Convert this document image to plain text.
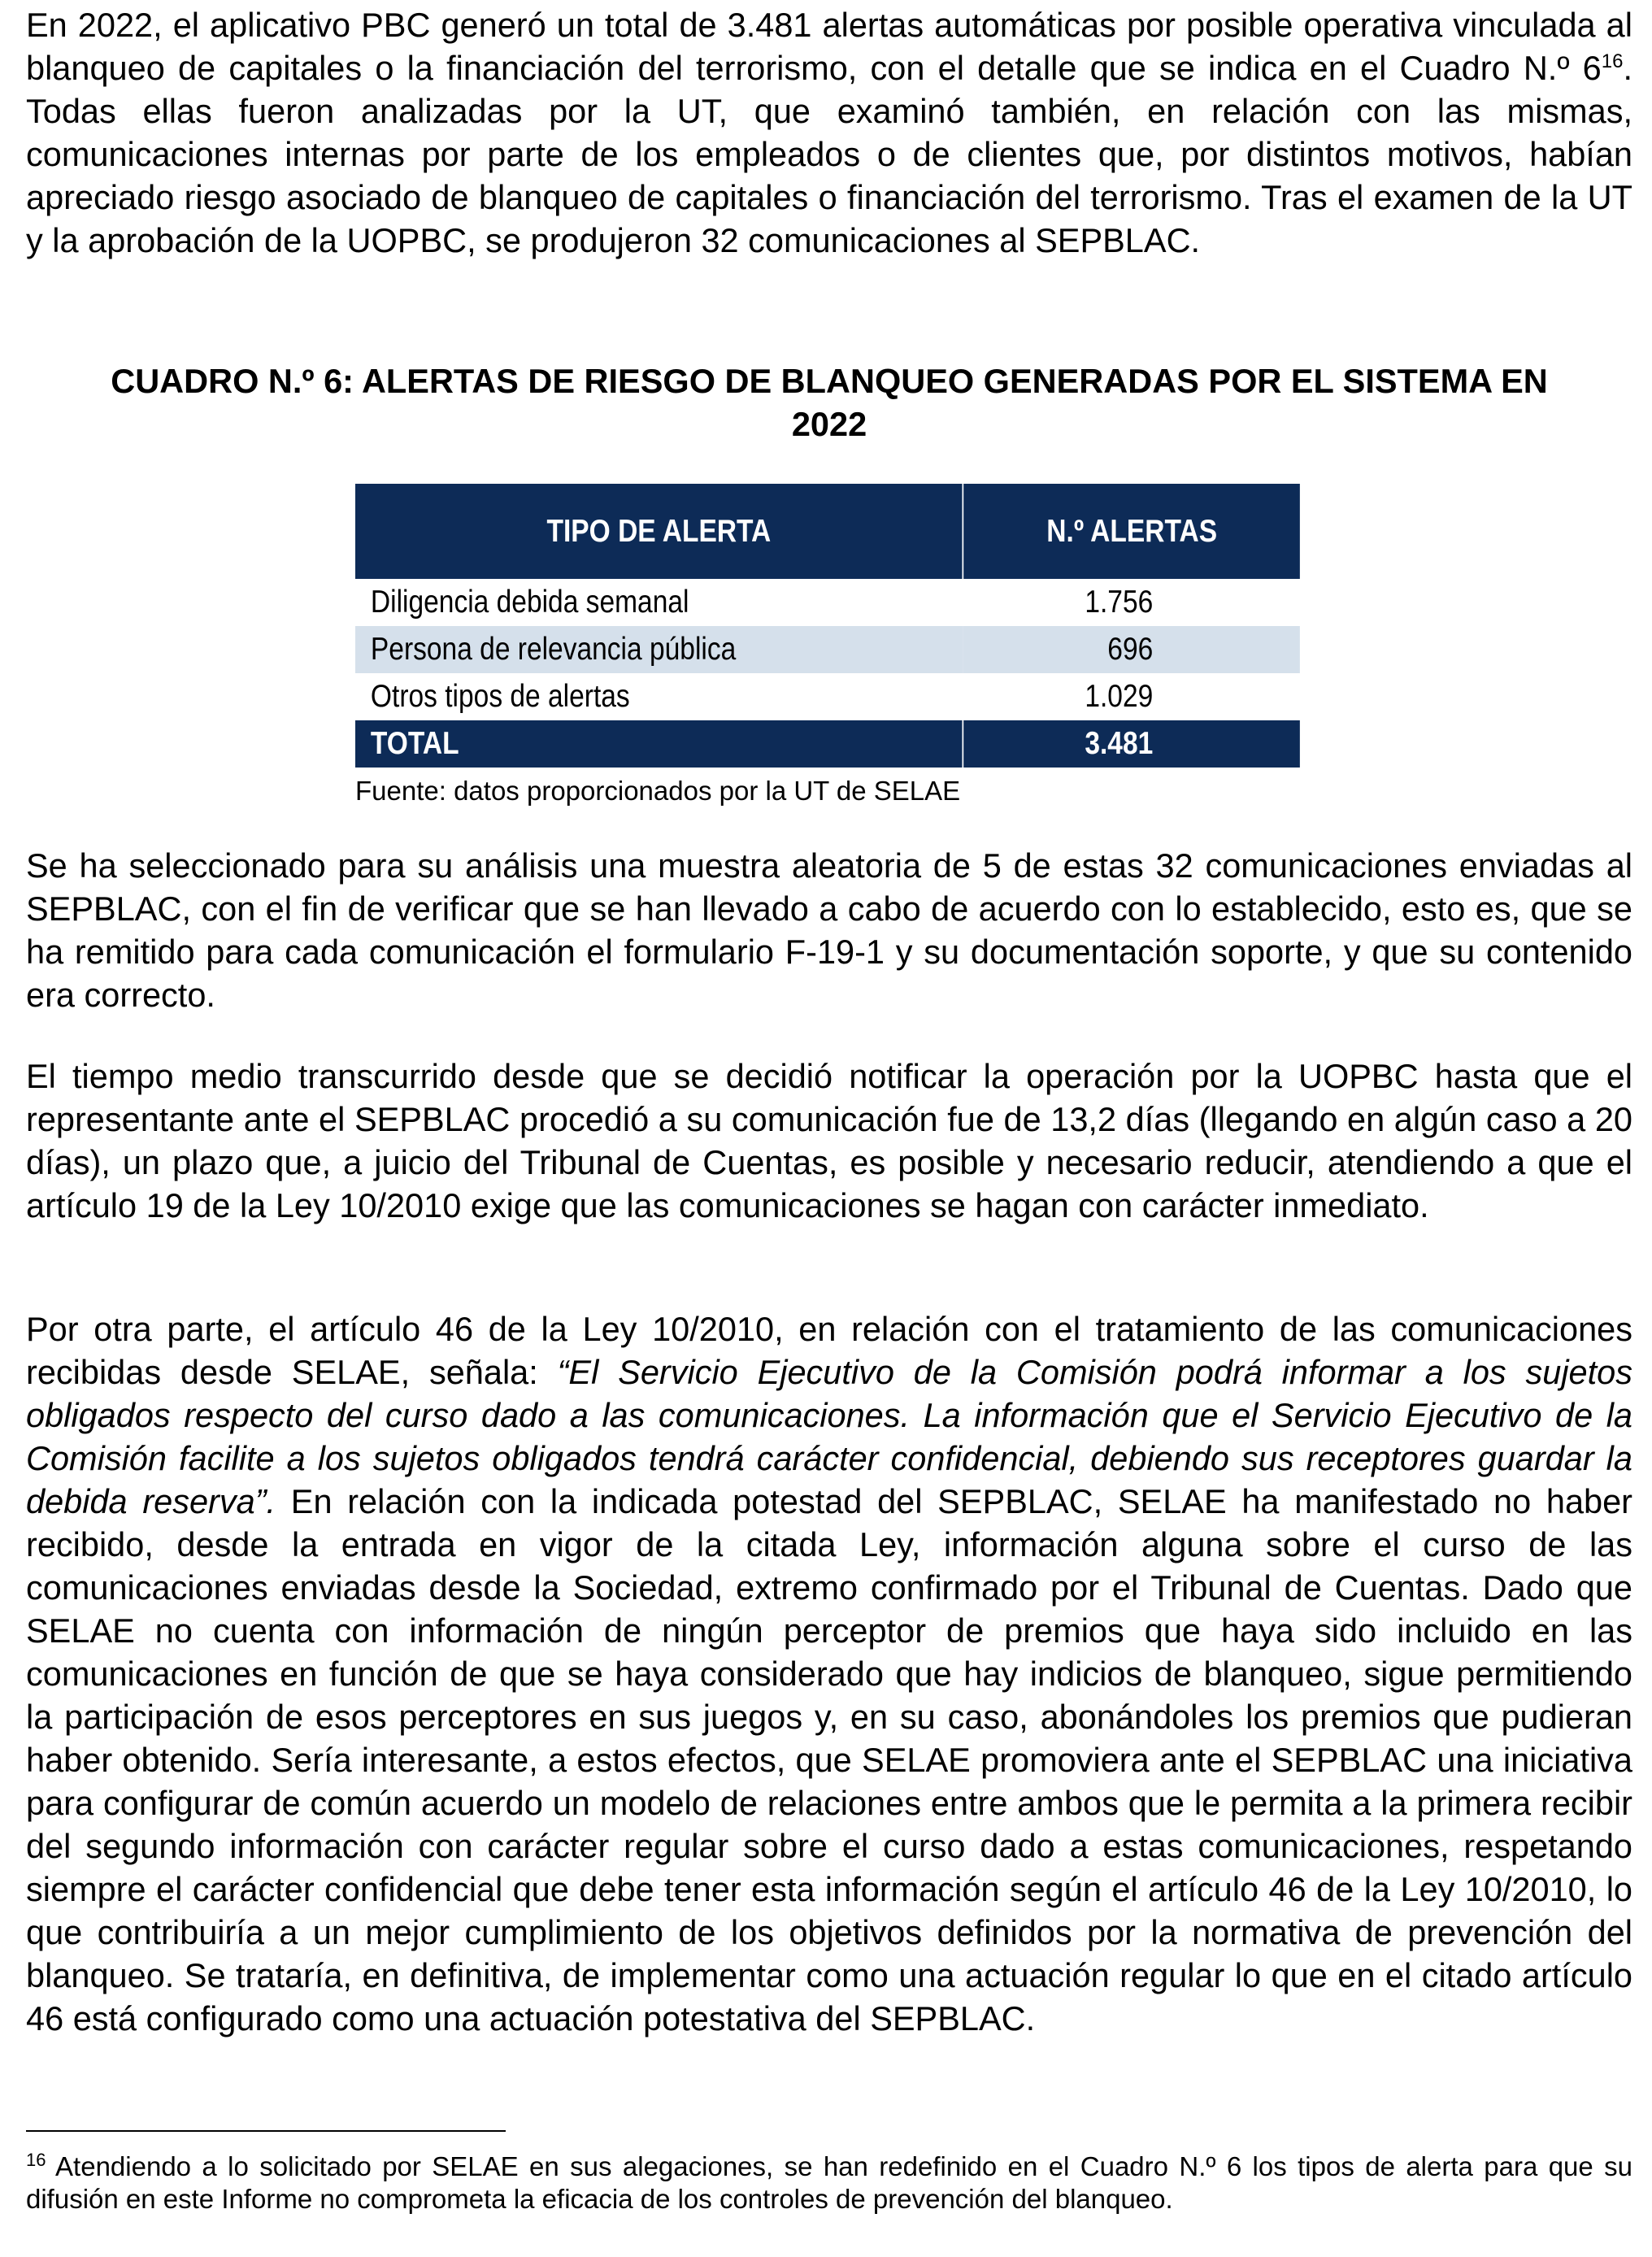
En 2022, el aplicativo PBC generó un total de 3.481 alertas automáticas por posible operativa vinculada al blanqueo de capitales o la financiación del terrorismo, con el detalle que se indica en el Cuadro N.º $6^{16}$. Todas ellas fueron analizadas por la UT, que examinó también, en relación con las mismas, comunicaciones internas por parte de los empleados o de clientes que, por distintos motivos, habían apreciado riesgo asociado de blanqueo de capitales o financiación del terrorismo. Tras el examen de la UT y la aprobación de la UOPBC, se produjeron 32 comunicaciones al SEPBLAC.

CUADRO N.º 6: ALERTAS DE RIESGO DE BLANQUEO GENERADAS POR EL SISTEMA EN
2022

TIPO DE ALERTA	N.º ALERTAS
Diligencia debida semanal	1.756
Persona de relevancia pública	696
Otros tipos de alertas	1.029
TOTAL	3.481

Fuente: datos proporcionados por la UT de SELAE

Se ha seleccionado para su análisis una muestra aleatoria de 5 de estas 32 comunicaciones enviadas al SEPBLAC, con el fin de verificar que se han llevado a cabo de acuerdo con lo establecido, esto es, que se ha remitido para cada comunicación el formulario F-19-1 y su documentación soporte, y que su contenido era correcto.

El tiempo medio transcurrido desde que se decidió notificar la operación por la UOPBC hasta que el representante ante el SEPBLAC procedió a su comunicación fue de 13,2 días (llegando en algún caso a 20 días), un plazo que, a juicio del Tribunal de Cuentas, es posible y necesario reducir, atendiendo a que el artículo 19 de la Ley 10/2010 exige que las comunicaciones se hagan con carácter inmediato.

Por otra parte, el artículo 46 de la Ley 10/2010, en relación con el tratamiento de las comunicaciones recibidas desde SELAE, señala: “El Servicio Ejecutivo de la Comisión podrá informar a los sujetos obligados respecto del curso dado a las comunicaciones. La información que el Servicio Ejecutivo de la Comisión facilite a los sujetos obligados tendrá carácter confidencial, debiendo sus receptores guardar la debida reserva”. En relación con la indicada potestad del SEPBLAC, SELAE ha manifestado no haber recibido, desde la entrada en vigor de la citada Ley, información alguna sobre el curso de las comunicaciones enviadas desde la Sociedad, extremo confirmado por el Tribunal de Cuentas. Dado que SELAE no cuenta con información de ningún perceptor de premios que haya sido incluido en las comunicaciones en función de que se haya considerado que hay indicios de blanqueo, sigue permitiendo la participación de esos perceptores en sus juegos y, en su caso, abonándoles los premios que pudieran haber obtenido. Sería interesante, a estos efectos, que SELAE promoviera ante el SEPBLAC una iniciativa para configurar de común acuerdo un modelo de relaciones entre ambos que le permita a la primera recibir del segundo información con carácter regular sobre el curso dado a estas comunicaciones, respetando siempre el carácter confidencial que debe tener esta información según el artículo 46 de la Ley 10/2010, lo que contribuiría a un mejor cumplimiento de los objetivos definidos por la normativa de prevención del blanqueo. Se trataría, en definitiva, de implementar como una actuación regular lo que en el citado artículo 46 está configurado como una actuación potestativa del SEPBLAC.

$^{16}$ Atendiendo a lo solicitado por SELAE en sus alegaciones, se han redefinido en el Cuadro N.º 6 los tipos de alerta para que su difusión en este Informe no comprometa la eficacia de los controles de prevención del blanqueo.
